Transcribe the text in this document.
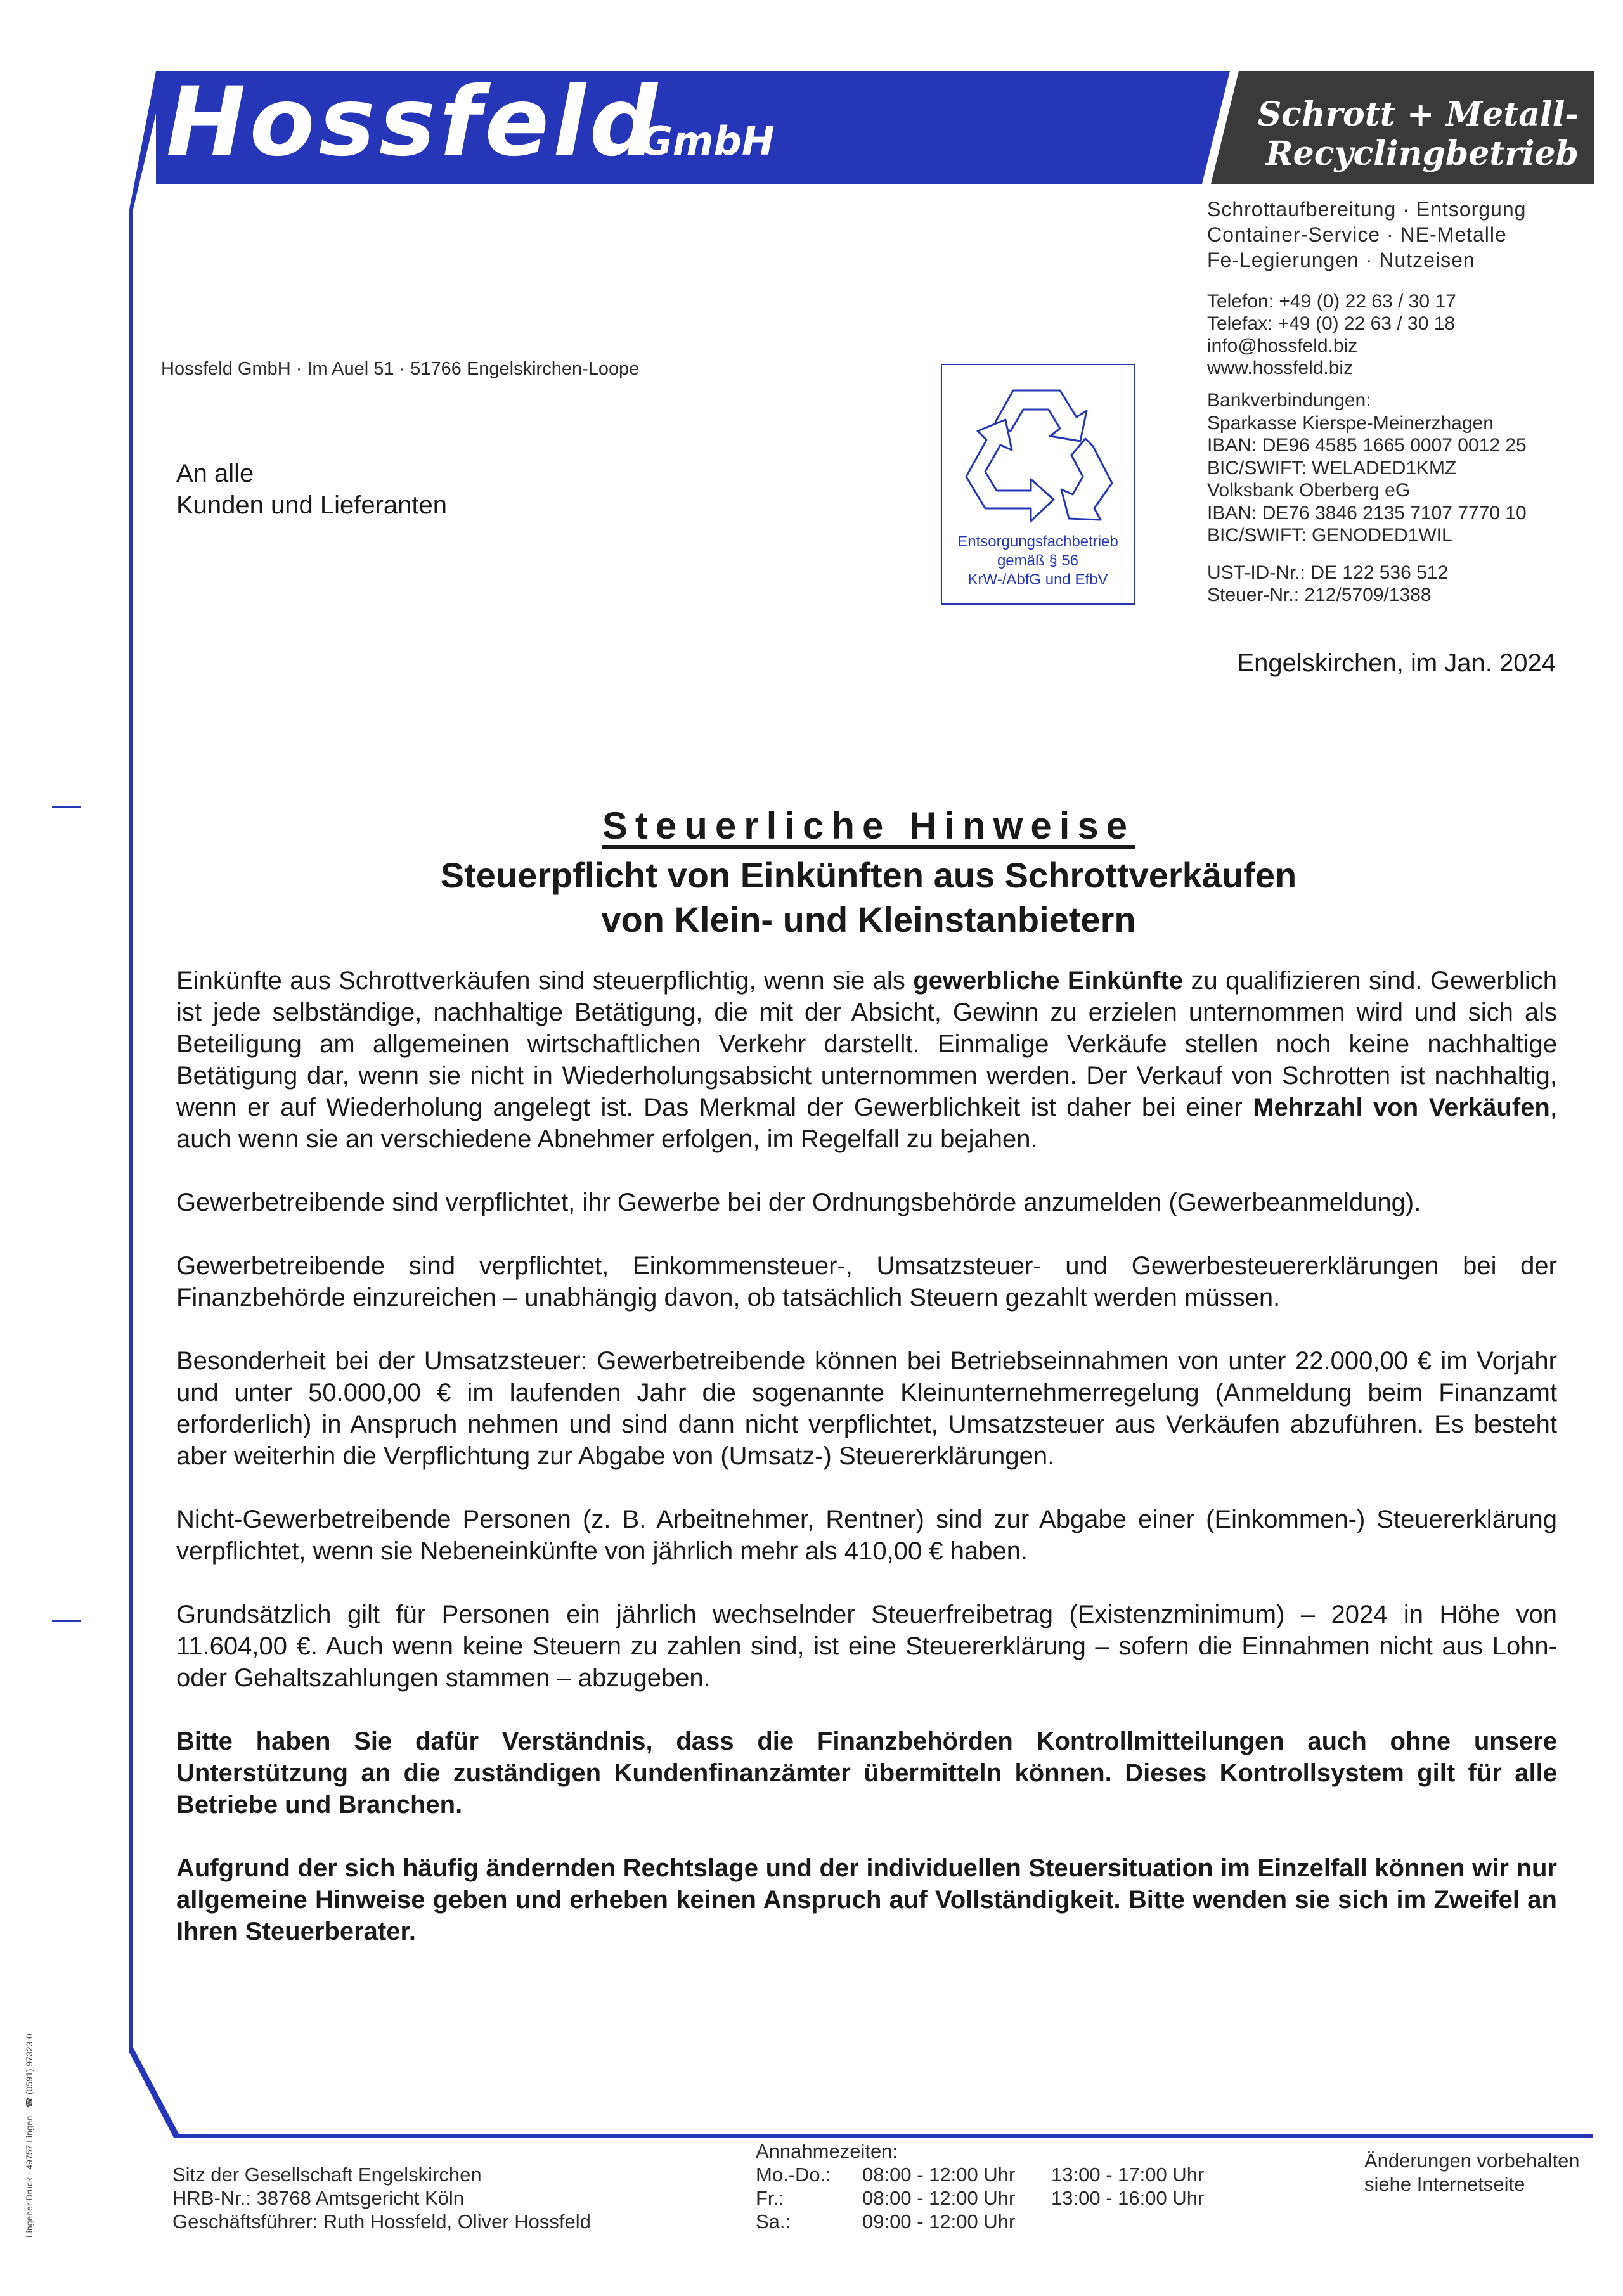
Hossfeld
GmbH
Schrott + Metall-
Recyclingbetrieb
Schrottaufbereitung · Entsorgung
Container-Service · NE-Metalle
Fe-Legierungen · Nutzeisen
Telefon: +49 (0) 22 63 / 30 17
Telefax: +49 (0) 22 63 / 30 18
info@hossfeld.biz
www.hossfeld.biz
Bankverbindungen:
Sparkasse Kierspe-Meinerzhagen
IBAN: DE96 4585 1665 0007 0012 25
BIC/SWIFT: WELADED1KMZ
Volksbank Oberberg eG
IBAN: DE76 3846 2135 7107 7770 10
BIC/SWIFT: GENODED1WIL
UST-ID-Nr.: DE 122 536 512
Steuer-Nr.: 212/5709/1388
Hossfeld GmbH · Im Auel 51 · 51766 Engelskirchen-Loope
An alle
Kunden und Lieferanten
Entsorgungsfachbetrieb
gemäß § 56
KrW-/AbfG und EfbV
Engelskirchen, im Jan. 2024
Steuerliche Hinweise
Steuerpflicht von Einkünften aus Schrottverkäufen
von Klein- und Kleinstanbietern

Einkünfte aus Schrottverkäufen sind steuerpflichtig, wenn sie als gewerbliche Einkünfte zu qualifizieren sind. Gewerblich ist jede selbständige, nachhaltige Betätigung, die mit der Absicht, Gewinn zu erzielen unternommen wird und sich als Beteiligung am allgemeinen wirtschaftlichen Verkehr darstellt. Einmalige Verkäufe stellen noch keine nachhaltige Betätigung dar, wenn sie nicht in Wiederholungsabsicht unternommen werden. Der Verkauf von Schrotten ist nachhaltig, wenn er auf Wiederholung angelegt ist. Das Merkmal der Gewerblichkeit ist daher bei einer Mehrzahl von Verkäufen, auch wenn sie an verschiedene Abnehmer erfolgen, im Regelfall zu bejahen.

Gewerbetreibende sind verpflichtet, ihr Gewerbe bei der Ordnungsbehörde anzumelden (Gewerbeanmeldung).

Gewerbetreibende sind verpflichtet, Einkommensteuer-, Umsatzsteuer- und Gewerbesteuererklärungen bei der Finanzbehörde einzureichen – unabhängig davon, ob tatsächlich Steuern gezahlt werden müssen.

Besonderheit bei der Umsatzsteuer: Gewerbetreibende können bei Betriebseinnahmen von unter 22.000,00 € im Vorjahr und unter 50.000,00 € im laufenden Jahr die sogenannte Kleinunternehmerregelung (Anmeldung beim Finanzamt erforderlich) in Anspruch nehmen und sind dann nicht verpflichtet, Umsatzsteuer aus Verkäufen abzuführen. Es besteht aber weiterhin die Verpflichtung zur Abgabe von (Umsatz-) Steuererklärungen.

Nicht-Gewerbetreibende Personen (z. B. Arbeitnehmer, Rentner) sind zur Abgabe einer (Einkommen-) Steuererklärung verpflichtet, wenn sie Nebeneinkünfte von jährlich mehr als 410,00 € haben.

Grundsätzlich gilt für Personen ein jährlich wechselnder Steuerfreibetrag (Existenzminimum) – 2024 in Höhe von 11.604,00 €. Auch wenn keine Steuern zu zahlen sind, ist eine Steuererklärung – sofern die Einnahmen nicht aus Lohn- oder Gehaltszahlungen stammen – abzugeben.

Bitte haben Sie dafür Verständnis, dass die Finanzbehörden Kontrollmitteilungen auch ohne unsere Unterstützung an die zuständigen Kundenfinanzämter übermitteln können. Dieses Kontrollsystem gilt für alle Betriebe und Branchen.

Aufgrund der sich häufig ändernden Rechtslage und der individuellen Steuersituation im Einzelfall können wir nur allgemeine Hinweise geben und erheben keinen Anspruch auf Vollständigkeit. Bitte wenden sie sich im Zweifel an Ihren Steuerberater.

Lingener Druck · 49757 Lingen · ☎ (0591) 97323-0	Sitz der Gesellschaft Engelskirchen
HRB-Nr.: 38768 Amtsgericht Köln
Geschäftsführer: Ruth Hossfeld, Oliver Hossfeld
Annahmezeiten:
Mo.-Do.:	08:00 - 12:00 Uhr	13:00 - 17:00 Uhr
Fr.:	08:00 - 12:00 Uhr	13:00 - 16:00 Uhr
Sa.:	09:00 - 12:00 Uhr	
Änderungen vorbehalten
siehe Internetseite
